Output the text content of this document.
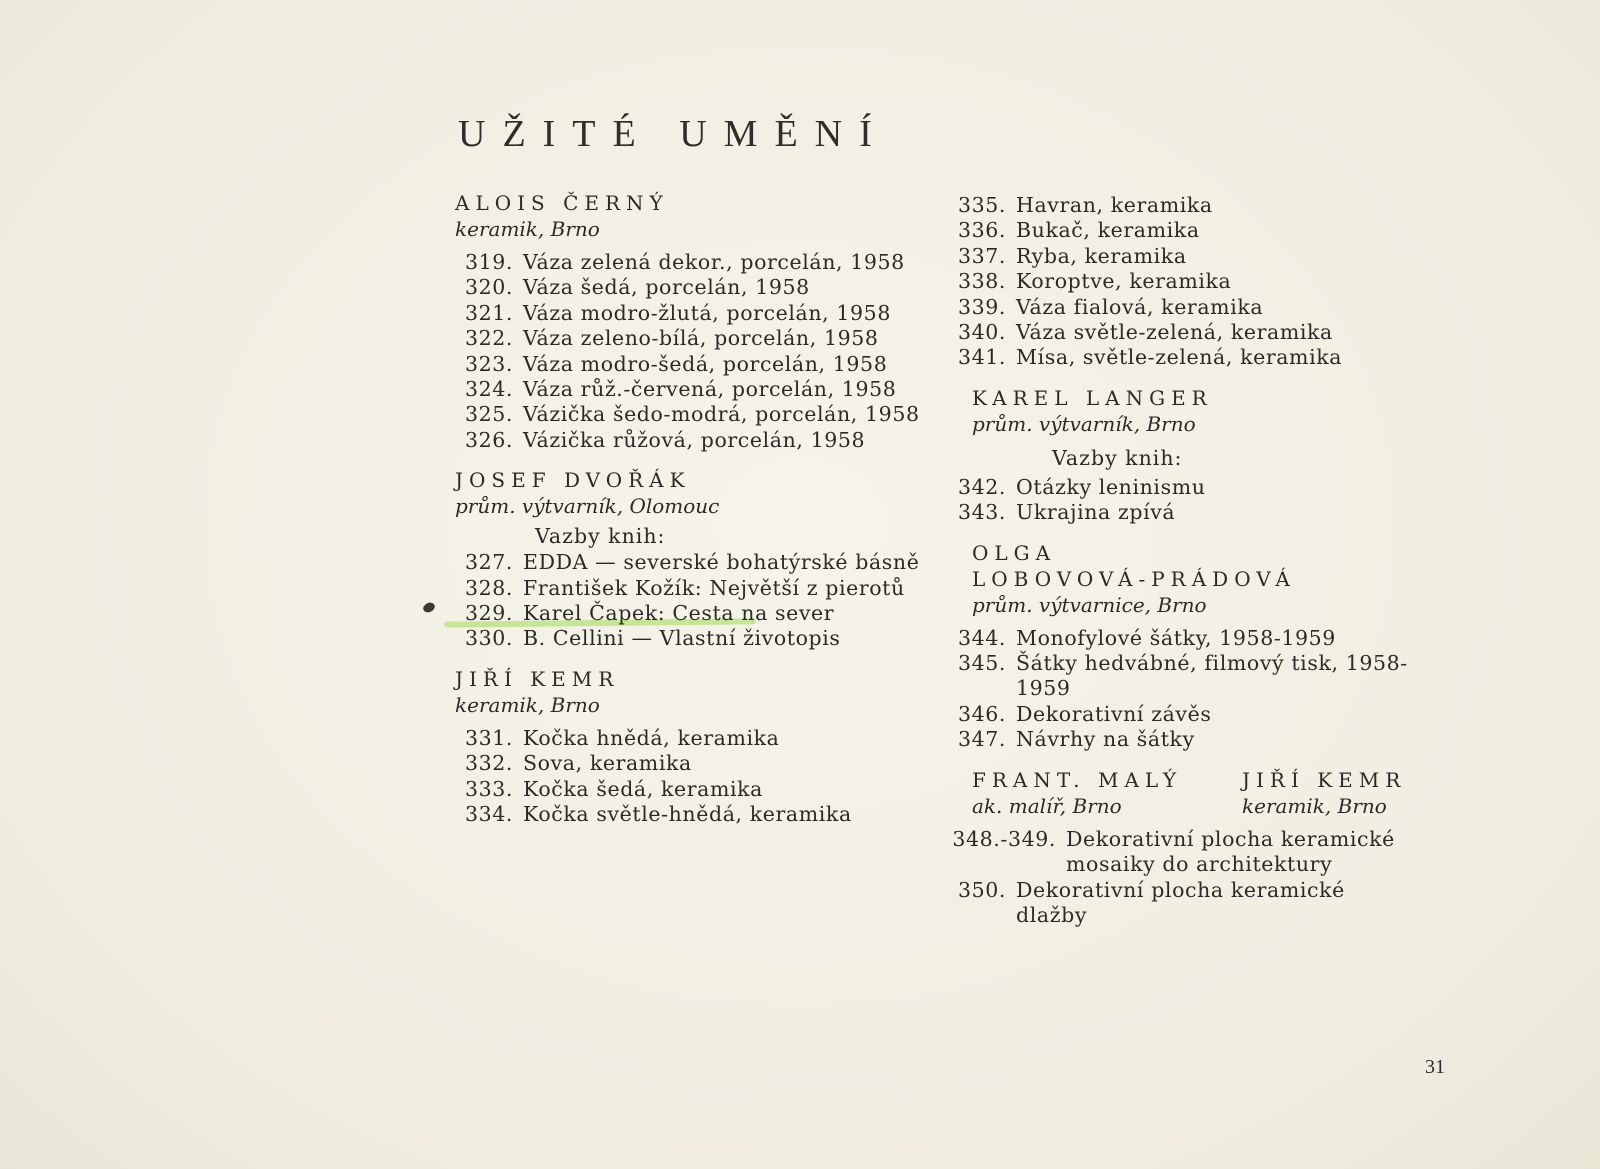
UŽITÉ UMĚNÍ
ALOIS ČERNÝ
keramik, Brno
319. Váza zelená dekor., porcelán, 1958
320. Váza šedá, porcelán, 1958
321. Váza modro-žlutá, porcelán, 1958
322. Váza zeleno-bílá, porcelán, 1958
323. Váza modro-šedá, porcelán, 1958
324. Váza růž.-červená, porcelán, 1958
325. Vázička šedo-modrá, porcelán, 1958
326. Vázička růžová, porcelán, 1958
JOSEF DVOŘÁK
prům. výtvarník, Olomouc
Vazby knih:
327. EDDA — severské bohatýrské básně
328. František Kožík: Největší z pierotů
329. Karel Čapek: Cesta na sever
330. B. Cellini — Vlastní životopis
JIŘÍ KEMR
keramik, Brno
331. Kočka hnědá, keramika
332. Sova, keramika
333. Kočka šedá, keramika
334. Kočka světle-hnědá, keramika
335. Havran, keramika
336. Bukač, keramika
337. Ryba, keramika
338. Koroptve, keramika
339. Váza fialová, keramika
340. Váza světle-zelená, keramika
341. Mísa, světle-zelená, keramika
KAREL LANGER
prům. výtvarník, Brno
Vazby knih:
342. Otázky leninismu
343. Ukrajina zpívá
OLGA
LOBOVOVÁ-PRÁDOVÁ
prům. výtvarnice, Brno
344. Monofylové šátky, 1958-1959
345. Šátky hedvábné, filmový tisk, 1958-1959
346. Dekorativní závěs
347. Návrhy na šátky
FRANT. MALÝ
ak. malíř, Brno
JIŘÍ KEMR
keramik, Brno
348.-349. Dekorativní plocha keramické mosaiky do architektury
350. Dekorativní plocha keramické dlažby
31
